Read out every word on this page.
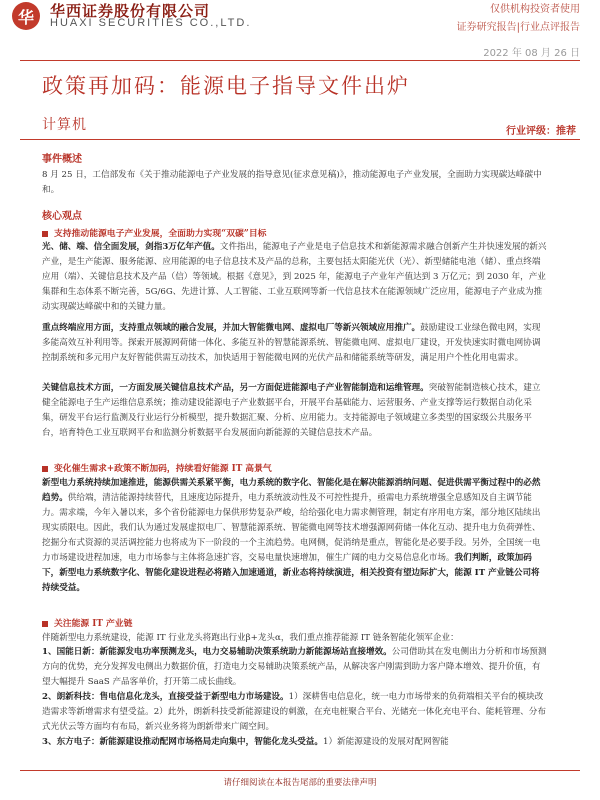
华 华西证券股份有限公司
HUAXI SECURITIES CO.,LTD.
仅供机构投资者使用
证券研究报告|行业点评报告
2022 年 08 月 26 日
政策再加码：能源电子指导文件出炉
计算机	行业评级：推荐
事件概述
8 月 25 日，工信部发布《关于推动能源电子产业发展的指导意见(征求意见稿)》，推动能源电子产业发展，全面助力实现碳达峰碳中和。
核心观点
支持推动能源电子产业发展，全面助力实现“双碳”目标
光、储、端、信全面发展，剑指3万亿年产值。文件指出，能源电子产业是电子信息技术和新能源需求融合创新产生并快速发展的新兴产业，是生产能源、服务能源、应用能源的电子信息技术及产品的总称，主要包括太阳能光伏（光）、新型储能电池（储）、重点终端应用（端）、关键信息技术及产品（信）等领域。根据《意见》，到 2025 年，能源电子产业年产值达到 3 万亿元；到 2030 年，产业集群和生态体系不断完善，5G/6G、先进计算、人工智能、工业互联网等新一代信息技术在能源领域广泛应用，能源电子产业成为推动实现碳达峰碳中和的关键力量。
重点终端应用方面，支持重点领域的融合发展，并加大智能微电网、虚拟电厂等新兴领域应用推广。鼓励建设工业绿色微电网，实现多能高效互补利用等。探索开展源网荷储一体化、多能互补的智慧能源系统、智能微电网、虚拟电厂建设，开发快速实时微电网协调控制系统和多元用户友好智能供需互动技术，加快适用于智能微电网的光伏产品和储能系统等研发，满足用户个性化用电需求。
关键信息技术方面，一方面发展关键信息技术产品，另一方面促进能源电子产业智能制造和运维管理。突破智能制造核心技术，建立健全能源电子生产运维信息系统；推动建设能源电子产业数据平台，开展平台基础能力、运营服务、产业支撑等运行数据自动化采集，研发平台运行监测及行业运行分析模型，提升数据汇聚、分析、应用能力。支持能源电子领域建立多类型的国家级公共服务平台，培育特色工业互联网平台和监测分析数据平台发展面向新能源的关键信息技术产品。
变化催生需求+政策不断加码，持续看好能源 IT 高景气
新型电力系统持续加速推进，能源供需关系紧平衡，电力系统的数字化、智能化是在解决能源消纳问题、促进供需平衡过程中的必然趋势。供给端，清洁能源持续替代，且速度边际提升，电力系统波动性及不可控性提升，亟需电力系统增强全息感知及自主调节能力。需求端，今年入暑以来，多个省份能源电力保供形势复杂严峻，给给强化电力需求侧管理，制定有序用电方案，部分地区陆续出现实质限电。因此，我们认为通过发展虚拟电厂、智慧能源系统、智能微电网等技术增强源网荷储一体化互动、提升电力负荷弹性、挖掘分布式资源的灵活调控能力也将成为下一阶段的一个主流趋势。电网侧，促消纳是重点，智能化是必要手段。另外，全国统一电力市场建设进程加速，电力市场参与主体将急速扩容，交易电量快速增加，催生广阔的电力交易信息化市场。我们判断，政策加码下，新型电力系统数字化、智能化建设进程必将踏入加速通道，新业态将持续演进，相关投资有望边际扩大，能源 IT 产业链公司将持续受益。
关注能源 IT 产业链
伴随新型电力系统建设，能源 IT 行业龙头将跑出行业β+龙头α，我们重点推荐能源 IT 链条智能化领军企业：
1、国能日新：新能源发电功率预测龙头，电力交易辅助决策系统助力新能源场站直接增效。公司借助其在发电侧出力分析和市场预测方向的优势，充分发挥发电侧出力数据价值，打造电力交易辅助决策系统产品，从解决客户刚需到助力客户降本增效、提升价值，有望大幅提升 SaaS 产品客单价，打开第二成长曲线。
2、朗新科技：售电信息化龙头，直接受益于新型电力市场建设。1）深耕售电信息化，统一电力市场带来的负荷端相关平台的模块改造需求等新增需求有望受益。2）此外，朗新科技受新能源建设的刺激，在充电桩聚合平台、光储充一体化充电平台、能耗管理、分布式光伏云等方面均有布局，新兴业务将为朗新带来广阔空间。
3、东方电子：新能源建设推动配网市场格局走向集中，智能化龙头受益。1）新能源建设的发展对配网智能
请仔细阅读在本报告尾部的重要法律声明
